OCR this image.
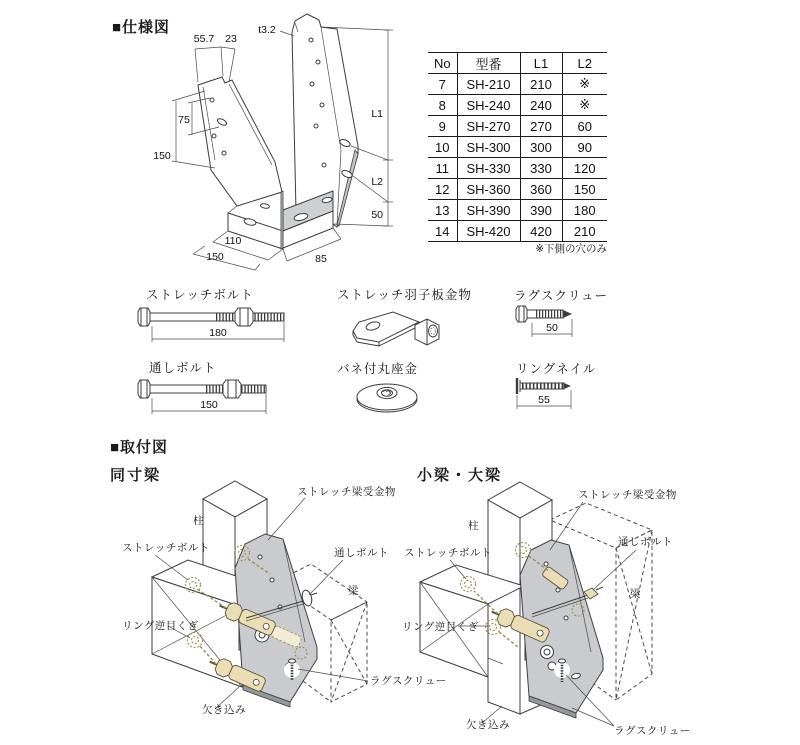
■仕様図
55.7 23
t3.2
75
150
L1
L2
50
110
150	85
No	型番	L1	L2
7	SH-210	210	※
8	SH-240	240	※
9	SH-270	270	60
10	SH-300	300	90
11	SH-330	330	120
12	SH-360	360	150
13	SH-390	390	180
14	SH-420	420	210
※下側の穴のみ
ストレッチボルト
180
ストレッチ羽子板金物	ラグスクリュー
50
通しボルト
150
バネ付丸座金	リングネイル
55
■取付図
同寸梁	小梁・大梁
ストレッチ梁受金物
柱
ストレッチボルト	通しボルト
梁
リング逆目くぎ
欠き込み
ラグスクリュー
ストレッチ梁受金物
柱
通しボルト
ストレッチボルト
梁
リング逆目くぎ
欠き込み	ラグスクリュー
